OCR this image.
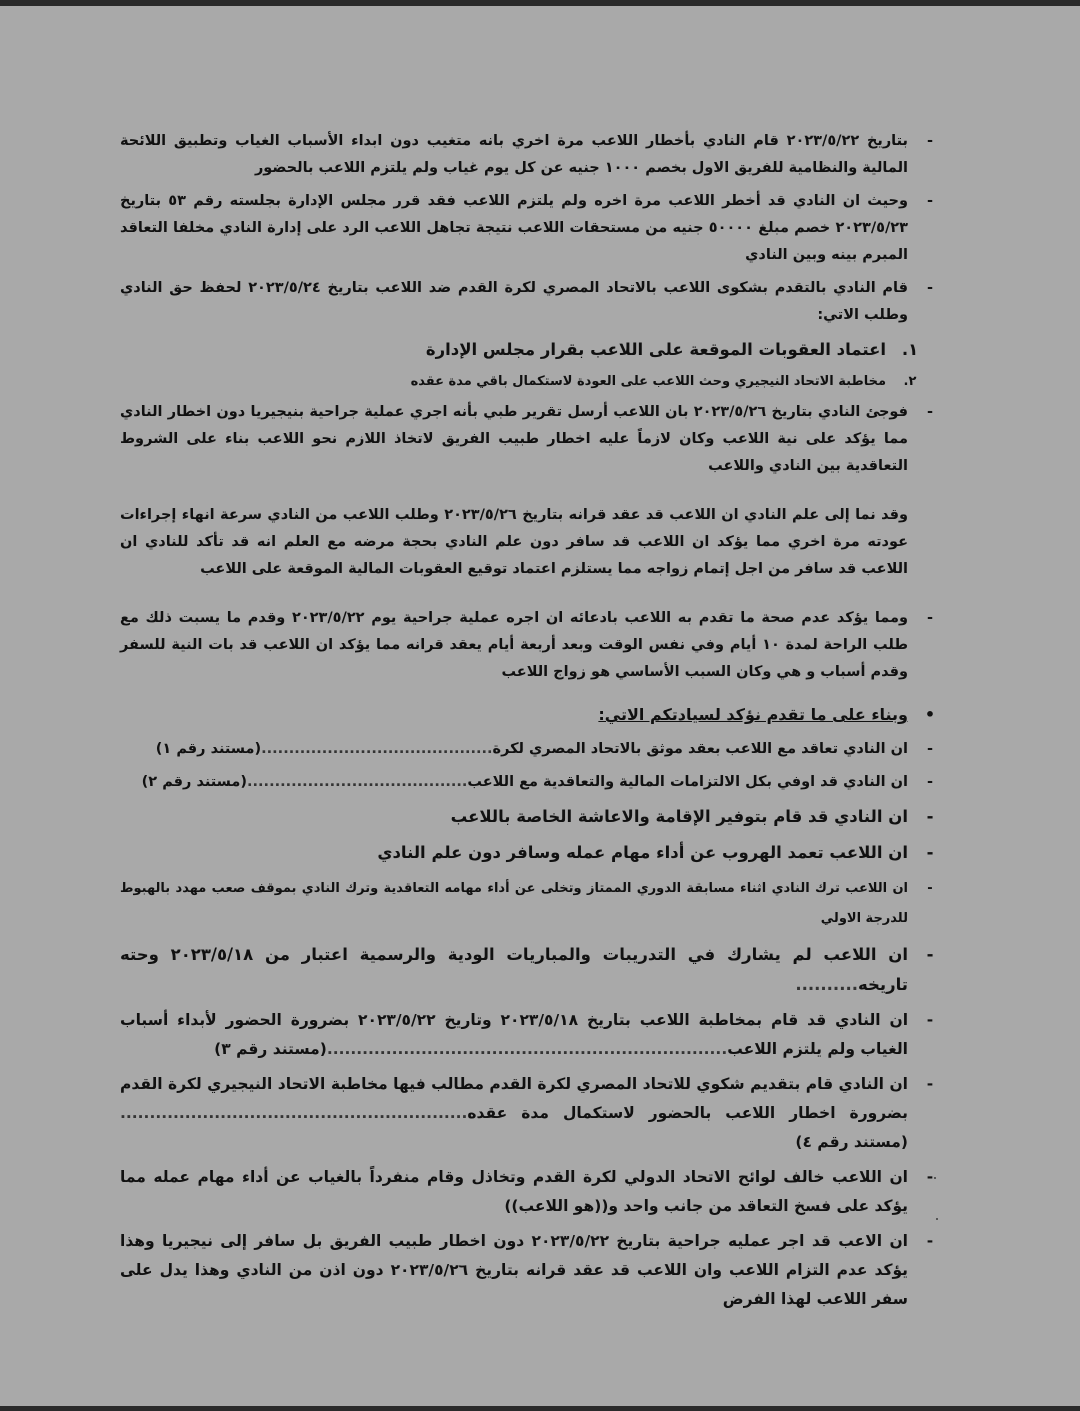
-
بتاريخ ٢٠٢٣/٥/٢٢ قام النادي بأخطار اللاعب مرة اخري بانه متغيب دون ابداء الأسباب الغياب وتطبيق اللائحة المالية والنظامية للفريق الاول بخصم ١٠٠٠ جنيه عن كل يوم غياب ولم يلتزم اللاعب بالحضور
-
وحيث ان النادي قد أخطر اللاعب مرة اخره ولم يلتزم اللاعب فقد قرر مجلس الإدارة بجلسته رقم ٥٣ بتاريخ ٢٠٢٣/٥/٢٣ خصم مبلغ ٥٠٠٠٠ جنيه من مستحقات اللاعب نتيجة تجاهل اللاعب الرد على إدارة النادي مخلفا التعاقد المبرم بينه وبين النادي
-
قام النادي بالتقدم بشكوى اللاعب بالاتحاد المصري لكرة القدم ضد اللاعب بتاريخ ٢٠٢٣/٥/٢٤ لحفظ حق النادي وطلب الاتي:
١.
اعتماد العقوبات الموقعة على اللاعب بقرار مجلس الإدارة
٢.
مخاطبة الاتحاد النيجيري وحث اللاعب على العودة لاستكمال باقي مدة عقده
-
فوجئ النادي بتاريخ ٢٠٢٣/٥/٢٦ بان اللاعب أرسل تقرير طبي بأنه اجري عملية جراحية بنيجيريا دون اخطار النادي مما يؤكد على نية اللاعب وكان لازماً عليه اخطار طبيب الفريق لاتخاذ اللازم نحو اللاعب بناء على الشروط التعاقدية بين النادي واللاعب
وقد نما إلى علم النادي ان اللاعب قد عقد قرانه بتاريخ ٢٠٢٣/٥/٢٦ وطلب اللاعب من النادي سرعة انهاء إجراءات عودته مرة اخري مما يؤكد ان اللاعب قد سافر دون علم النادي بحجة مرضه مع العلم انه قد تأكد للنادي ان اللاعب قد سافر من اجل إتمام زواجه مما يستلزم اعتماد توقيع العقوبات المالية الموقعة على اللاعب
-
ومما يؤكد عدم صحة ما تقدم به اللاعب بادعائه ان اجره عملية جراحية يوم ٢٠٢٣/٥/٢٢ وقدم ما يسبت ذلك مع طلب الراحة لمدة ١٠ أيام وفي نفس الوقت وبعد أربعة أيام يعقد قرانه مما يؤكد ان اللاعب قد بات النية للسفر وقدم أسباب و هي وكان السبب الأساسي هو زواج اللاعب
•
وبناء على ما تقدم نؤكد لسيادتكم الاتي:
-
ان النادي تعاقد مع اللاعب بعقد موثق بالاتحاد المصري لكرة..........................................(مستند رقم ١)
-
ان النادي قد اوفي بكل الالتزامات المالية والتعاقدية مع اللاعب........................................(مستند رقم ٢)
-
ان النادي قد قام بتوفير الإقامة والاعاشة الخاصة باللاعب
-
ان اللاعب تعمد الهروب عن أداء مهام عمله وسافر دون علم النادي
-
ان اللاعب ترك النادي اثناء مسابقة الدوري الممتاز وتخلى عن أداء مهامه التعاقدية وترك النادي بموقف صعب مهدد بالهبوط للدرجة الاولي
-
ان اللاعب لم يشارك في التدريبات والمباريات الودية والرسمية اعتبار من ٢٠٢٣/٥/١٨ وحته تاريخه..........
-
ان النادي قد قام بمخاطبة اللاعب بتاريخ ٢٠٢٣/٥/١٨ وتاريخ ٢٠٢٣/٥/٢٢ بضرورة الحضور لأبداء أسباب الغياب ولم يلتزم اللاعب....................................................................(مستند رقم ٣)
-
ان النادي قام بتقديم شكوي للاتحاد المصري لكرة القدم مطالب فيها مخاطبة الاتحاد النيجيري لكرة القدم بضرورة اخطار اللاعب بالحضور لاستكمال مدة عقده...........................................................(مستند رقم ٤)
-
ان اللاعب خالف لوائح الاتحاد الدولي لكرة القدم وتخاذل وقام منفرداً بالغياب عن أداء مهام عمله مما يؤكد على فسخ التعاقد من جانب واحد و((هو اللاعب))
-
ان الاعب قد اجر عمليه جراحية بتاريخ ٢٠٢٣/٥/٢٢ دون اخطار طبيب الفريق بل سافر إلى نيجيريا وهذا يؤكد عدم التزام اللاعب وان اللاعب قد عقد قرانه بتاريخ ٢٠٢٣/٥/٢٦ دون اذن من النادي وهذا يدل على سفر اللاعب لهذا الفرض
